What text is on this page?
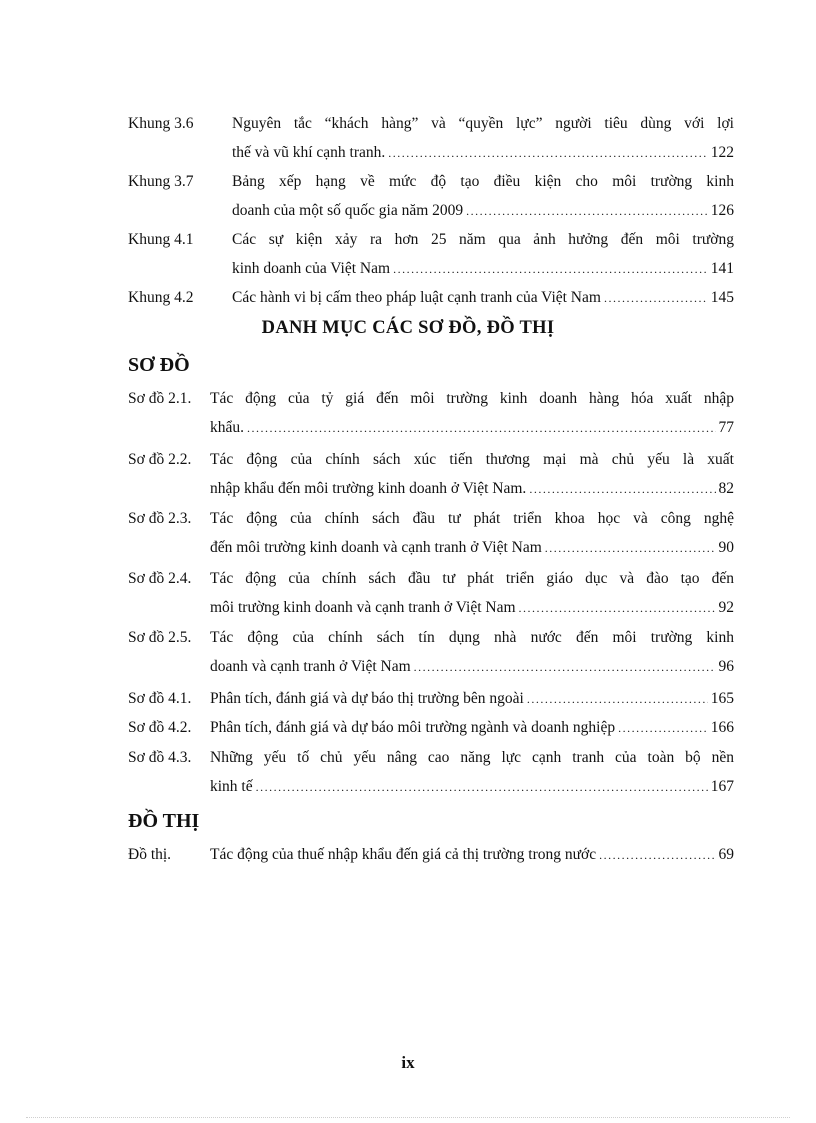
Khung 3.6 Nguyên tắc “khách hàng” và “quyền lực” người tiêu dùng với lợi
thế và vũ khí cạnh tranh. .....	122
Khung 3.7 Bảng xếp hạng về mức độ tạo điều kiện cho môi trường kinh
doanh của một số quốc gia năm 2009 .....	126
Khung 4.1 Các sự kiện xảy ra hơn 25 năm qua ảnh hưởng đến môi trường
kinh doanh của Việt Nam .....	141
Khung 4.2 Các hành vi bị cấm theo pháp luật cạnh tranh của Việt Nam .....	145
DANH MỤC CÁC SƠ ĐỒ, ĐỒ THỊ
SƠ ĐỒ
Sơ đồ 2.1. Tác động của tỷ giá đến môi trường kinh doanh hàng hóa xuất nhập
khẩu. .....	77
Sơ đồ 2.2. Tác động của chính sách xúc tiến thương mại mà chủ yếu là xuất
nhập khẩu đến môi trường kinh doanh ở Việt Nam. .....	82
Sơ đồ 2.3. Tác động của chính sách đầu tư phát triển khoa học và công nghệ
đến môi trường kinh doanh và cạnh tranh ở Việt Nam .....	90
Sơ đồ 2.4. Tác động của chính sách đầu tư phát triển giáo dục và đào tạo đến
môi trường kinh doanh và cạnh tranh ở Việt Nam .....	92
Sơ đồ 2.5. Tác động của chính sách tín dụng nhà nước đến môi trường kinh
doanh và cạnh tranh ở Việt Nam .....	96
Sơ đồ 4.1. Phân tích, đánh giá và dự báo thị trường bên ngoài .....	165
Sơ đồ 4.2. Phân tích, đánh giá và dự báo môi trường ngành và doanh nghiệp .....	166
Sơ đồ 4.3. Những yếu tố chủ yếu nâng cao năng lực cạnh tranh của toàn bộ nền
kinh tế .....	167
ĐỒ THỊ
Đồ thị.	Tác động của thuế nhập khẩu đến giá cả thị trường trong nước .....	69
ix
